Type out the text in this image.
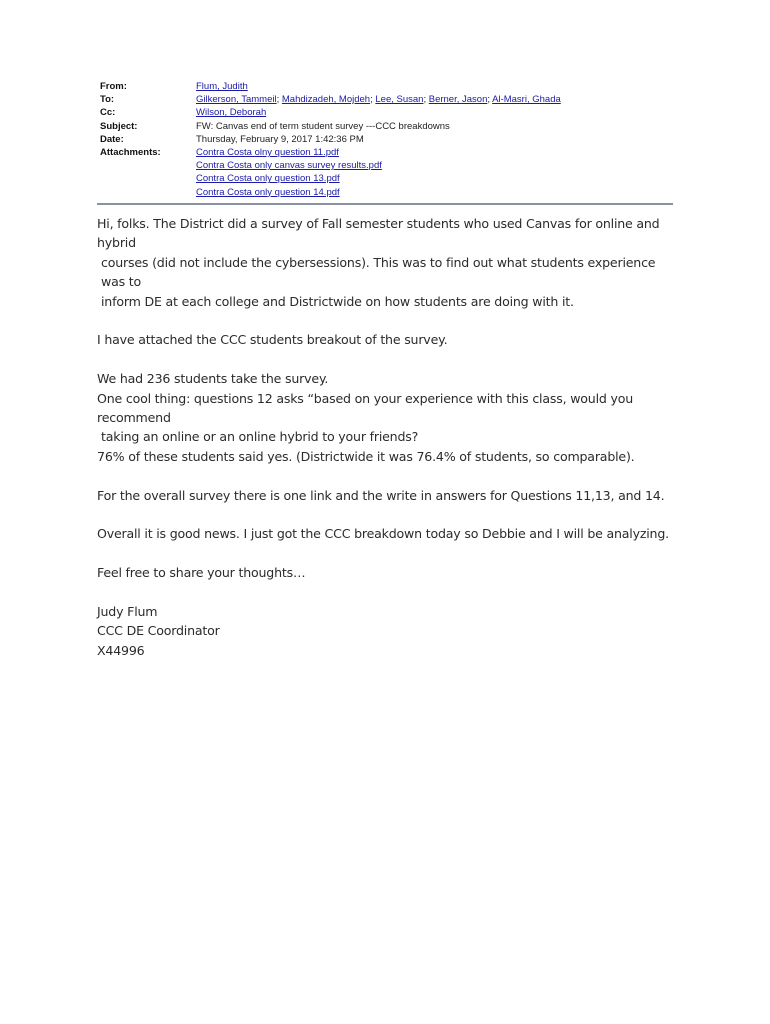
From:	Flum, Judith
To:	Gilkerson, Tammeil; Mahdizadeh, Mojdeh; Lee, Susan; Berner, Jason; Al-Masri, Ghada
Cc:	Wilson, Deborah
Subject:	FW: Canvas end of term student survey ---CCC breakdowns
Date:	Thursday, February 9, 2017 1:42:36 PM
Attachments:	Contra Costa olny question 11.pdf
Contra Costa only canvas survey results.pdf
Contra Costa only question 13.pdf
Contra Costa only question 14.pdf

Hi, folks. The District did a survey of Fall semester students who used Canvas for online and hybrid

courses (did not include the cybersessions). This was to find out what students experience was to

inform DE at each college and Districtwide on how students are doing with it.

I have attached the CCC students breakout of the survey.

We had 236 students take the survey.

One cool thing: questions 12 asks “based on your experience with this class, would you recommend

taking an online or an online hybrid to your friends?

76% of these students said yes. (Districtwide it was 76.4% of students, so comparable).

For the overall survey there is one link and the write in answers for Questions 11,13, and 14.

Overall it is good news. I just got the CCC breakdown today so Debbie and I will be analyzing.

Feel free to share your thoughts…

Judy Flum

CCC DE Coordinator

X44996
